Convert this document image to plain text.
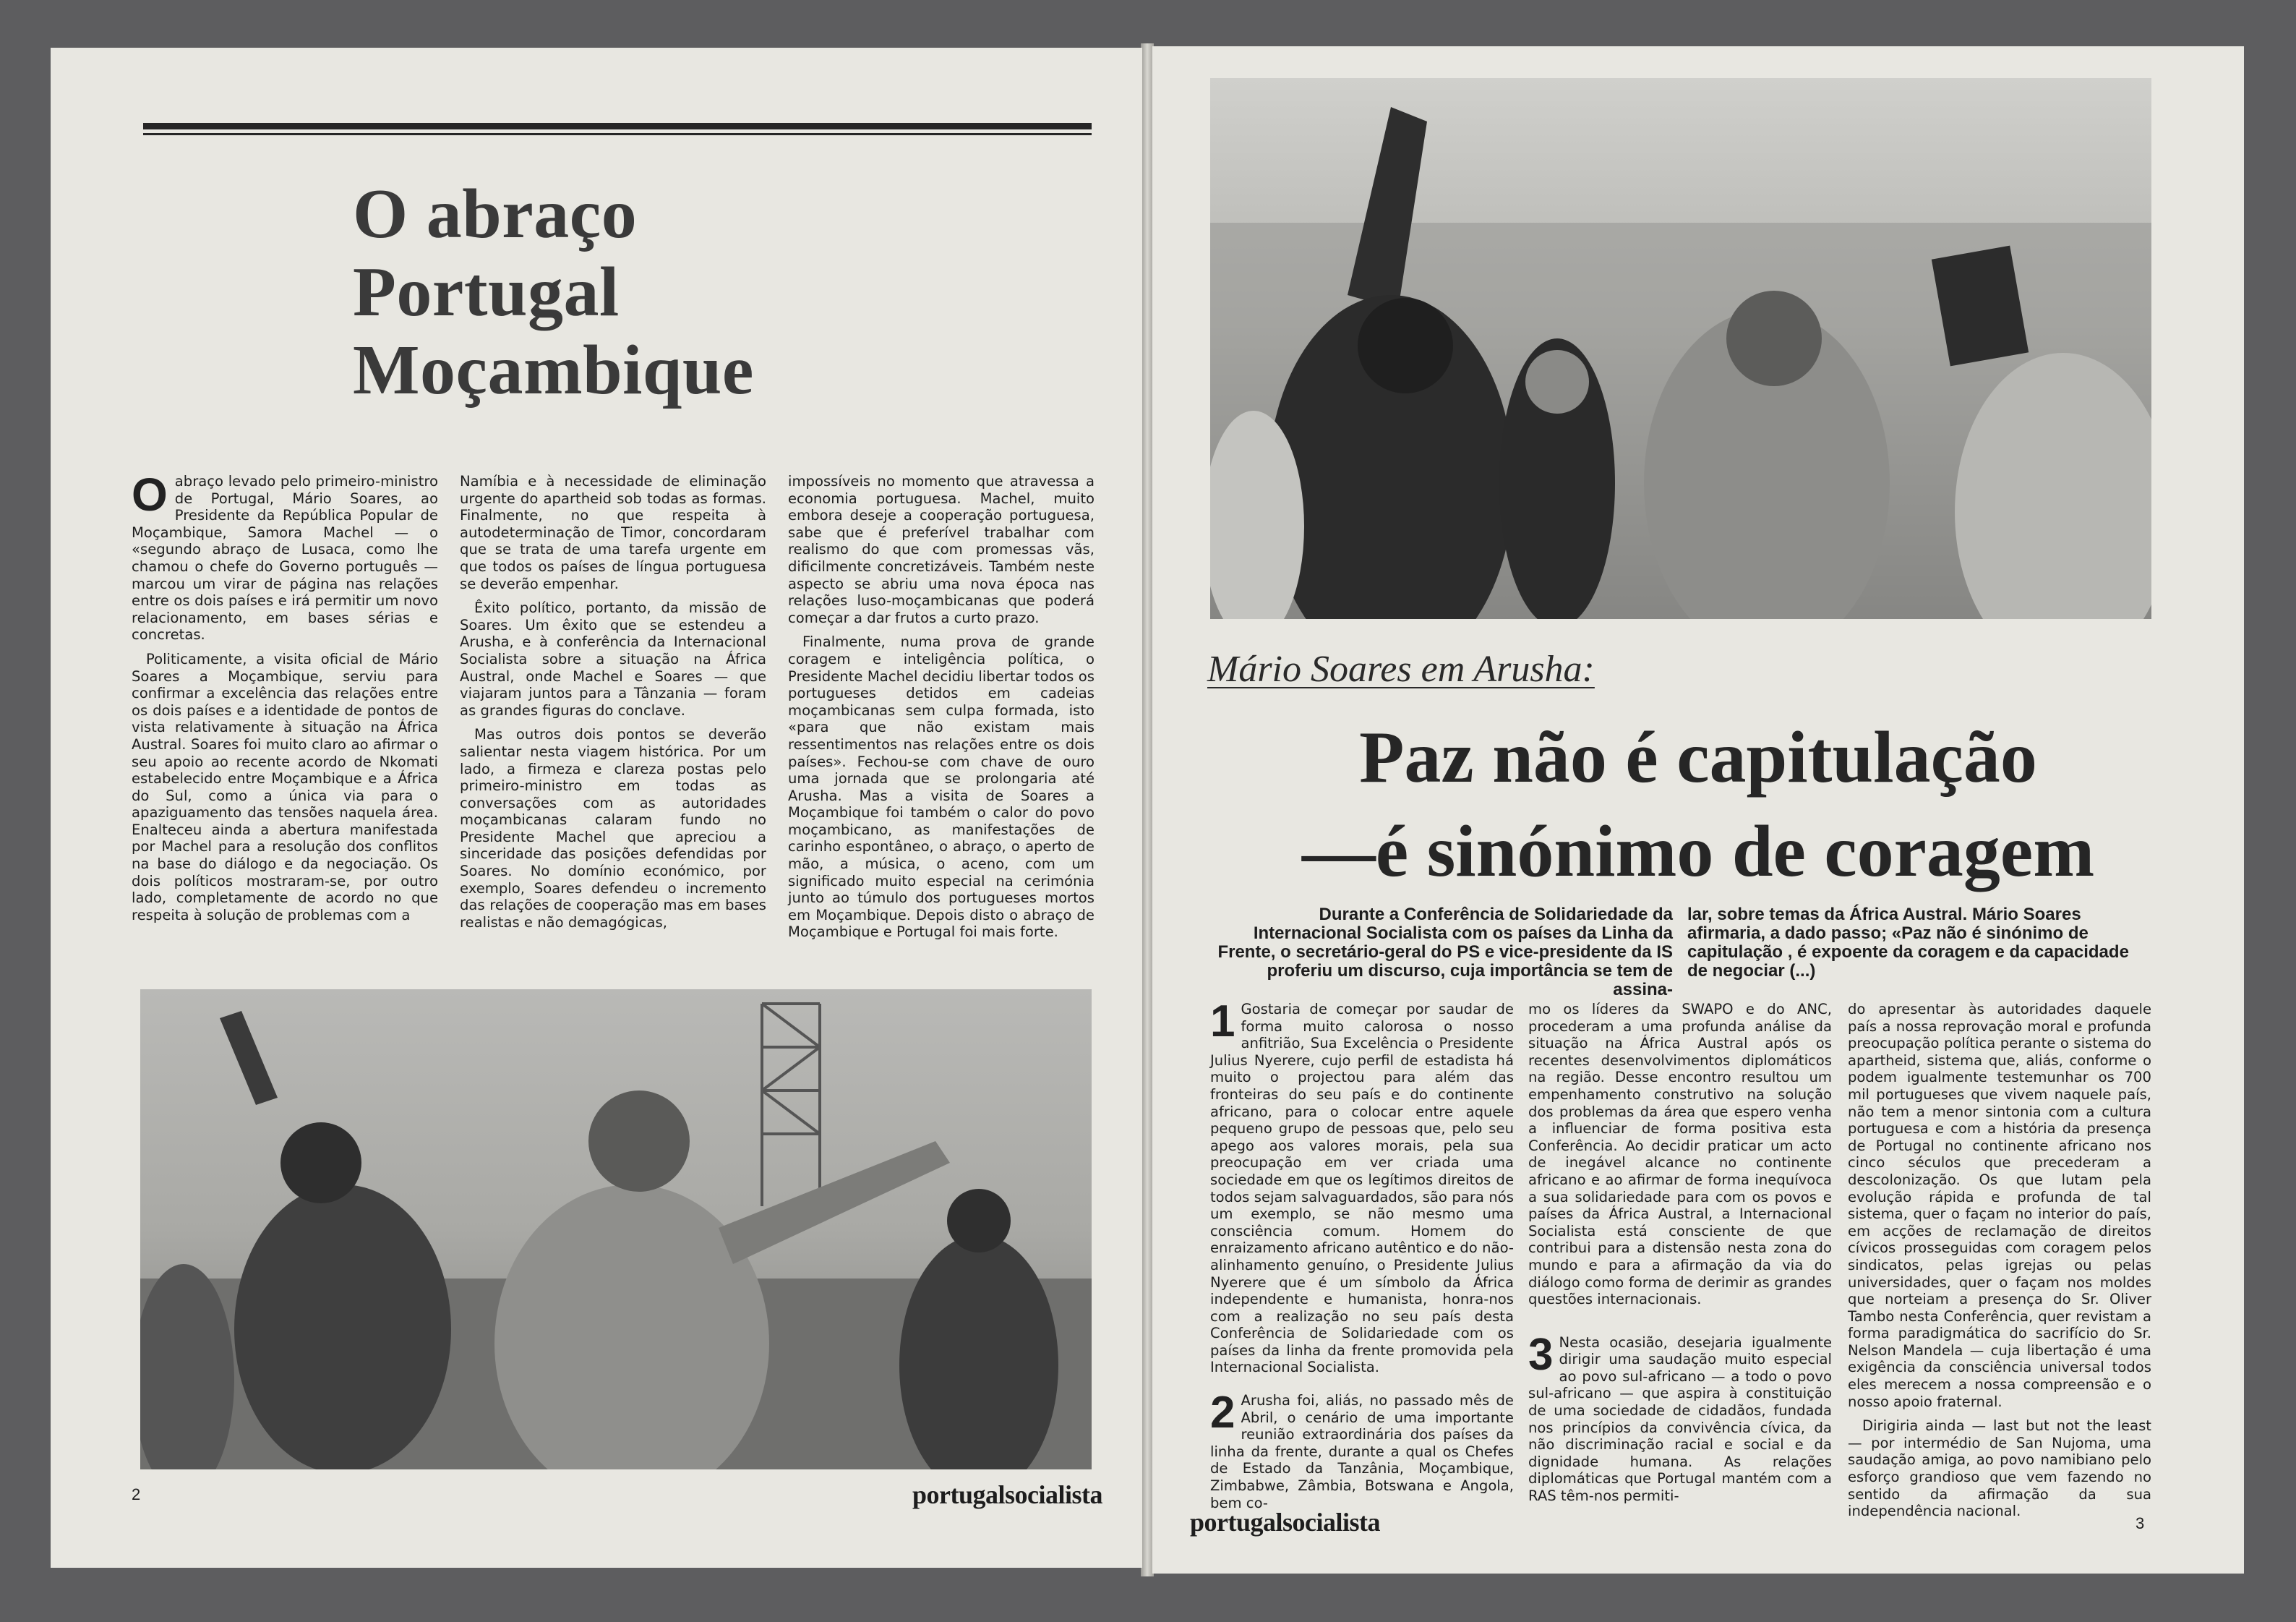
O abraço
Portugal
Moçambique

Oabraço levado pelo primeiro-ministro de Portugal, Mário Soares, ao Presidente da República Popular de Moçambique, Samora Machel — o «segundo abraço de Lusaca, como lhe chamou o chefe do Governo português — marcou um virar de página nas relações entre os dois países e irá permitir um novo relacionamento, em bases sérias e concretas.

Politicamente, a visita oficial de Mário Soares a Moçambique, serviu para confirmar a excelência das relações entre os dois países e a identidade de pontos de vista relativamente à situação na África Austral. Soares foi muito claro ao afirmar o seu apoio ao recente acordo de Nkomati estabelecido entre Moçambique e a África do Sul, como a única via para o apaziguamento das tensões naquela área. Enalteceu ainda a abertura manifestada por Machel para a resolução dos conflitos na base do diálogo e da negociação. Os dois políticos mostraram-se, por outro lado, completamente de acordo no que respeita à solução de problemas com a

Namíbia e à necessidade de eliminação urgente do apartheid sob todas as formas. Finalmente, no que respeita à autodeterminação de Timor, concordaram que se trata de uma tarefa urgente em que todos os países de língua portuguesa se deverão empenhar.

Êxito político, portanto, da missão de Soares. Um êxito que se estendeu a Arusha, e à conferência da Internacional Socialista sobre a situação na África Austral, onde Machel e Soares — que viajaram juntos para a Tânzania — foram as grandes figuras do conclave.

Mas outros dois pontos se deverão salientar nesta viagem histórica. Por um lado, a firmeza e clareza postas pelo primeiro-ministro em todas as conversações com as autoridades moçambicanas calaram fundo no Presidente Machel que apreciou a sinceridade das posições defendidas por Soares. No domínio económico, por exemplo, Soares defendeu o incremento das relações de cooperação mas em bases realistas e não demagógicas,

impossíveis no momento que atravessa a economia portuguesa. Machel, muito embora deseje a cooperação portuguesa, sabe que é preferível trabalhar com realismo do que com promessas vãs, dificilmente concretizáveis. Também neste aspecto se abriu uma nova época nas relações luso-moçambicanas que poderá começar a dar frutos a curto prazo.

Finalmente, numa prova de grande coragem e inteligência política, o Presidente Machel decidiu libertar todos os portugueses detidos em cadeias moçambicanas sem culpa formada, isto «para que não existam mais ressentimentos nas relações entre os dois países». Fechou-se com chave de ouro uma jornada que se prolongaria até Arusha. Mas a visita de Soares a Moçambique foi também o calor do povo moçambicano, as manifestações de carinho espontâneo, o abraço, o aperto de mão, a música, o aceno, com um significado muito especial na cerimónia junto ao túmulo dos portugueses mortos em Moçambique. Depois disto o abraço de Moçambique e Portugal foi mais forte.

2	portugalsocialista
Mário Soares em Arusha:
Paz não é capitulação
—é sinónimo de coragem

Durante a Conferência de Solidariedade da Internacional Socialista com os países da Linha da Frente, o secretário-geral do PS e vice-presidente da IS proferiu um discurso, cuja importância se tem de assina-

lar, sobre temas da África Austral. Mário Soares afirmaria, a dado passo; «Paz não é sinónimo de capitulação , é expoente da coragem e da capacidade de negociar (...)

1 Gostaria de começar por saudar de forma muito calorosa o nosso anfitrião, Sua Excelência o Presidente Julius Nyerere, cujo perfil de estadista há muito o projectou para além das fronteiras do seu país e do continente africano, para o colocar entre aquele pequeno grupo de pessoas que, pelo seu apego aos valores morais, pela sua preocupação em ver criada uma sociedade em que os legítimos direitos de todos sejam salvaguardados, são para nós um exemplo, se não mesmo uma consciência comum. Homem do enraizamento africano autêntico e do não-alinhamento genuíno, o Presidente Julius Nyerere que é um símbolo da África independente e humanista, honra-nos com a realização no seu país desta Conferência de Solidariedade com os países da linha da frente promovida pela Internacional Socialista.

2 Arusha foi, aliás, no passado mês de Abril, o cenário de uma importante reunião extraordinária dos países da linha da frente, durante a qual os Chefes de Estado da Tanzânia, Moçambique, Zimbabwe, Zâmbia, Botswana e Angola, bem co-

mo os líderes da SWAPO e do ANC, procederam a uma profunda análise da situação na África Austral após os recentes desenvolvimentos diplomáticos na região. Desse encontro resultou um empenhamento construtivo na solução dos problemas da área que espero venha a influenciar de forma positiva esta Conferência. Ao decidir praticar um acto de inegável alcance no continente africano e ao afirmar de forma inequívoca a sua solidariedade para com os povos e países da África Austral, a Internacional Socialista está consciente de que contribui para a distensão nesta zona do mundo e para a afirmação da via do diálogo como forma de derimir as grandes questões internacionais.

3 Nesta ocasião, desejaria igualmente dirigir uma saudação muito especial ao povo sul-africano — a todo o povo sul-africano — que aspira à constituição de uma sociedade de cidadãos, fundada nos princípios da convivência cívica, da não discriminação racial e social e da dignidade humana. As relações diplomáticas que Portugal mantém com a RAS têm-nos permiti-

do apresentar às autoridades daquele país a nossa reprovação moral e profunda preocupação política perante o sistema do apartheid, sistema que, aliás, conforme o podem igualmente testemunhar os 700 mil portugueses que vivem naquele país, não tem a menor sintonia com a cultura portuguesa e com a história da presença de Portugal no continente africano nos cinco séculos que precederam a descolonização. Os que lutam pela evolução rápida e profunda de tal sistema, quer o façam no interior do país, em acções de reclamação de direitos cívicos prosseguidas com coragem pelos sindicatos, pelas igrejas ou pelas universidades, quer o façam nos moldes que norteiam a presença do Sr. Oliver Tambo nesta Conferência, quer revistam a forma paradigmática do sacrifício do Sr. Nelson Mandela — cuja libertação é uma exigência da consciência universal todos eles merecem a nossa compreensão e o nosso apoio fraternal.

Dirigiria ainda — last but not the least — por intermédio de San Nujoma, uma saudação amiga, ao povo namibiano pelo esforço grandioso que vem fazendo no sentido da afirmação da sua independência nacional.

portugalsocialista	3
